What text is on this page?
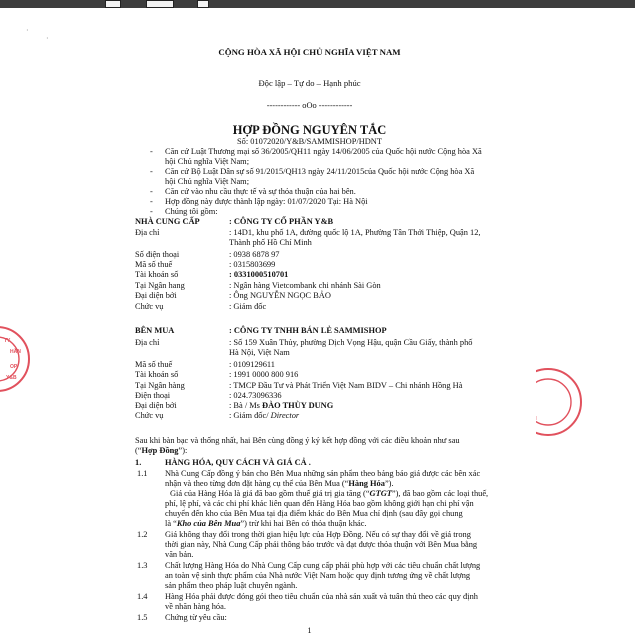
·
·
TY
HẦN
OP
Y&B
CỘNG HÒA XÃ HỘI CHỦ NGHĨA VIỆT NAM
Độc lập – Tự do – Hạnh phúc
------------ oOo ------------
HỢP ĐỒNG NGUYÊN TẮC
Số: 01072020/Y&B/SAMMISHOP/HDNT
- Căn cứ Luật Thương mại số 36/2005/QH11 ngày 14/06/2005 của Quốc hội nước Cộng hòa Xã
hội Chủ nghĩa Việt Nam;
- Căn cứ Bộ Luật Dân sự số 91/2015/QH13 ngày 24/11/2015của Quốc hội nước Cộng hòa Xã
hội Chủ nghĩa Việt Nam;
- Căn cứ vào nhu cầu thực tế và sự thỏa thuận của hai bên.
- Hợp đồng này được thành lập ngày: 01/07/2020 Tại: Hà Nội
- Chúng tôi gồm:
NHÀ CUNG CẤP	: CÔNG TY CỔ PHẦN Y&B
Địa chỉ	: 14D1, khu phố 1A, đường quốc lộ 1A, Phường Tân Thới Thiệp, Quận 12,
Thành phố Hồ Chí Minh
Số điện thoại	: 0938 6878 97
Mã số thuế	: 0315803699
Tài khoản số	: 0331000510701
Tại Ngân hang	: Ngân hàng Vietcombank chi nhánh Sài Gòn
Đại diện bởi	: Ông NGUYỄN NGỌC BẢO
Chức vụ	: Giám đốc
BÊN MUA	: CÔNG TY TNHH BÁN LẺ SAMMISHOP
Địa chỉ	: Số 159 Xuân Thủy, phường Dịch Vọng Hậu, quận Cầu Giấy, thành phố
Hà Nội, Việt Nam
Mã số thuế	: 0109129611
Tài khoản số	: 1991 0000 800 916
Tại Ngân hàng	: TMCP Đầu Tư và Phát Triển Việt Nam BIDV – Chi nhánh Hồng Hà
Điện thoại	: 024.73096336
Đại diện bởi	: Bà / Ms ĐÀO THÙY DUNG
Chức vụ	: Giám đốc/ Director
Sau khi bàn bạc và thống nhất, hai Bên cùng đồng ý ký kết hợp đồng với các điều khoản như sau
(“Hợp Đồng”):
1.	HÀNG HÓA, QUY CÁCH VÀ GIÁ CẢ .
1.1 Nhà Cung Cấp đồng ý bán cho Bên Mua những sản phẩm theo bảng báo giá được các bên xác
nhận và theo từng đơn đặt hàng cụ thể của Bên Mua (“Hàng Hóa”).
Giá của Hàng Hóa là giá đã bao gồm thuế giá trị gia tăng (“GTGT”), đã bao gồm các loại thuế,
phí, lệ phí, và các chi phí khác liên quan đến Hàng Hóa bao gồm không giới hạn chi phí vận
chuyển đến kho của Bên Mua tại địa điểm khác do Bên Mua chỉ định (sau đây gọi chung
là “Kho của Bên Mua”) trừ khi hai Bên có thỏa thuận khác.
1.2 Giá không thay đổi trong thời gian hiệu lực của Hợp Đồng. Nếu có sự thay đổi về giá trong
thời gian này, Nhà Cung Cấp phải thông báo trước và đạt được thỏa thuận với Bên Mua bằng
văn bản.
1.3 Chất lượng Hàng Hóa do Nhà Cung Cấp cung cấp phải phù hợp với các tiêu chuẩn chất lượng
an toàn vệ sinh thực phẩm của Nhà nước Việt Nam hoặc quy định tương ứng về chất lượng
sản phẩm theo pháp luật chuyên ngành.
1.4 Hàng Hóa phải được đóng gói theo tiêu chuẩn của nhà sản xuất và tuân thủ theo các quy định
về nhãn hàng hóa.
1.5 Chứng từ yêu cầu:
1
